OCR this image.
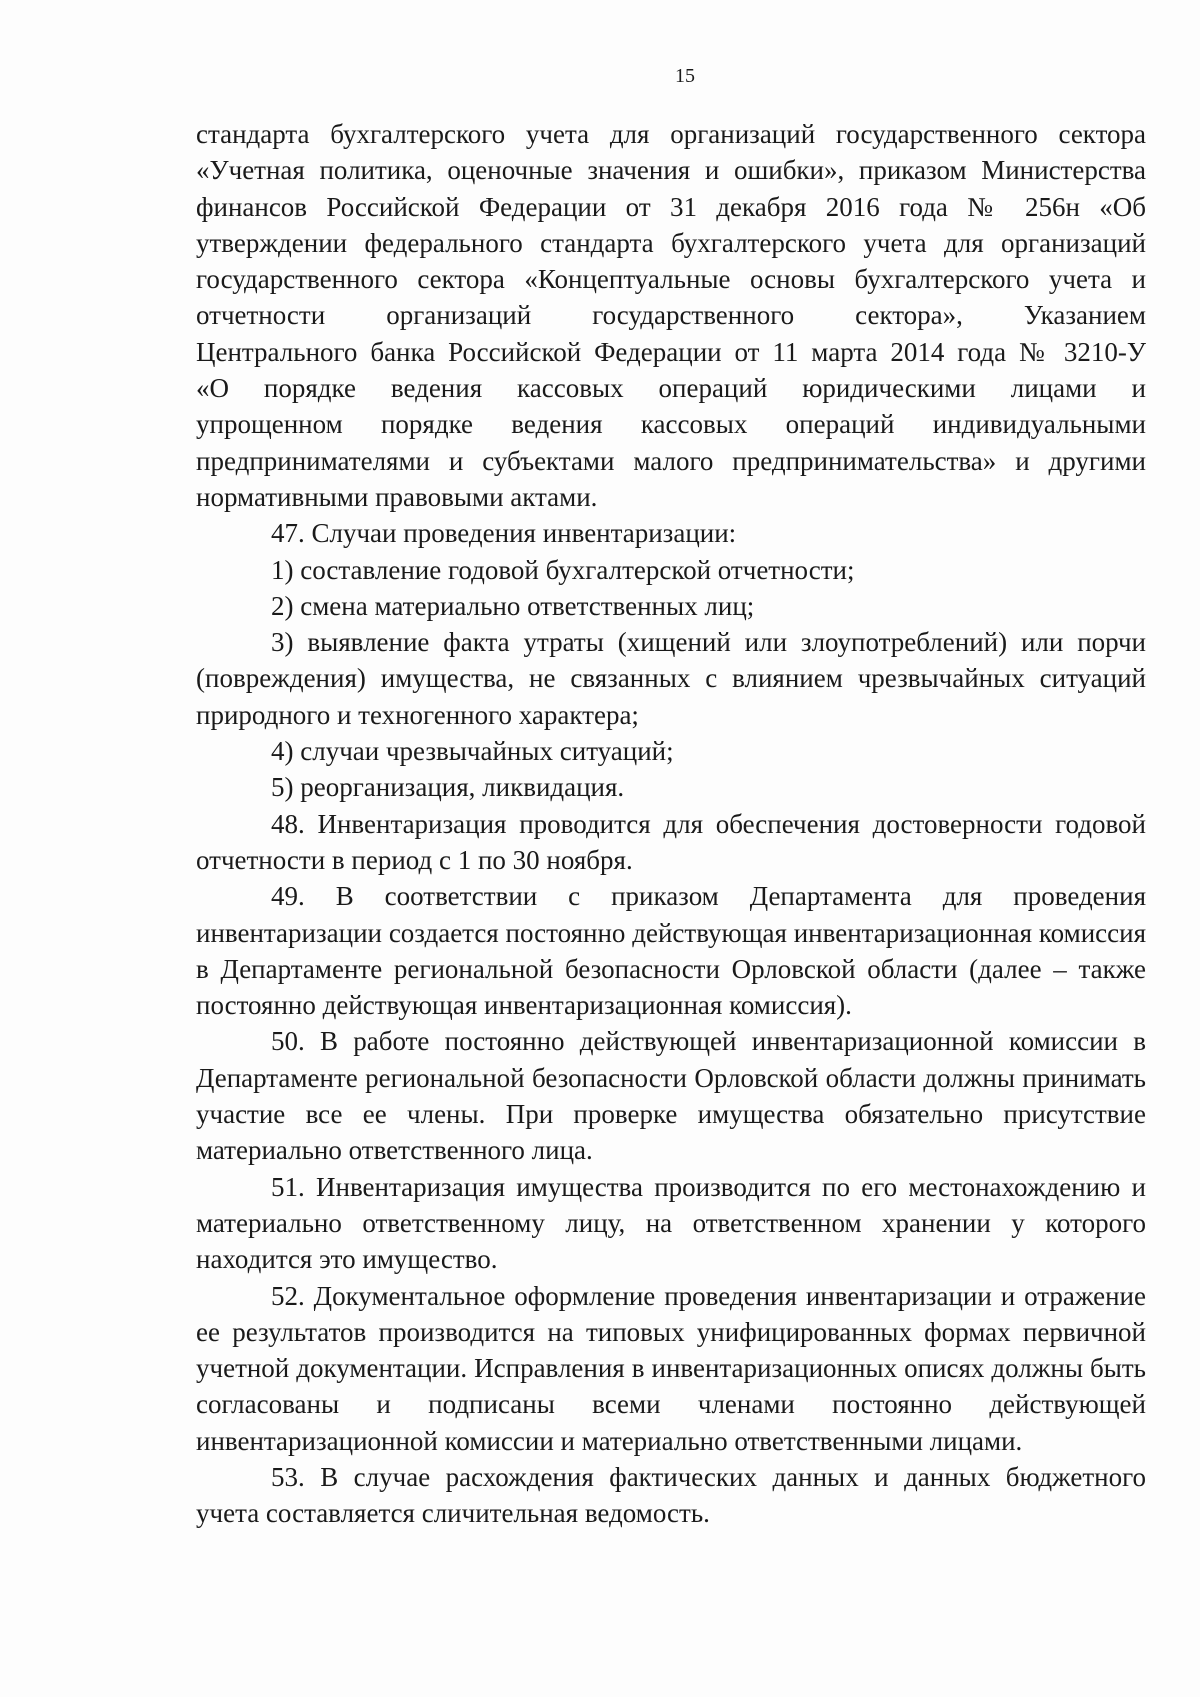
15

стандарта бухгалтерского учета для организаций государственного сектора
«Учетная политика, оценочные значения и ошибки», приказом Министерства
финансов Российской Федерации от 31 декабря 2016 года № 256н «Об
утверждении федерального стандарта бухгалтерского учета для организаций
государственного сектора «Концептуальные основы бухгалтерского учета и
отчетности организаций государственного сектора», Указанием
Центрального банка Российской Федерации от 11 марта 2014 года № 3210-У
«О порядке ведения кассовых операций юридическими лицами и
упрощенном порядке ведения кассовых операций индивидуальными
предпринимателями и субъектами малого предпринимательства» и другими
нормативными правовыми актами.

47. Случаи проведения инвентаризации:

1) составление годовой бухгалтерской отчетности;

2) смена материально ответственных лиц;

3) выявление факта утраты (хищений или злоупотреблений) или порчи (повреждения) имущества, не связанных с влиянием чрезвычайных ситуаций природного и техногенного характера;

4) случаи чрезвычайных ситуаций;

5) реорганизация, ликвидация.

48. Инвентаризация проводится для обеспечения достоверности годовой отчетности в период с 1 по 30 ноября.

49. В соответствии с приказом Департамента для проведения инвентаризации создается постоянно действующая инвентаризационная комиссия в Департаменте региональной безопасности Орловской области (далее – также постоянно действующая инвентаризационная комиссия).

50. В работе постоянно действующей инвентаризационной комиссии в Департаменте региональной безопасности Орловской области должны принимать участие все ее члены. При проверке имущества обязательно присутствие материально ответственного лица.

51. Инвентаризация имущества производится по его местонахождению и материально ответственному лицу, на ответственном хранении у которого находится это имущество.

52. Документальное оформление проведения инвентаризации и отражение ее результатов производится на типовых унифицированных формах первичной учетной документации. Исправления в инвентаризационных описях должны быть согласованы и подписаны всеми членами постоянно действующей инвентаризационной комиссии и материально ответственными лицами.

53. В случае расхождения фактических данных и данных бюджетного учета составляется сличительная ведомость.
